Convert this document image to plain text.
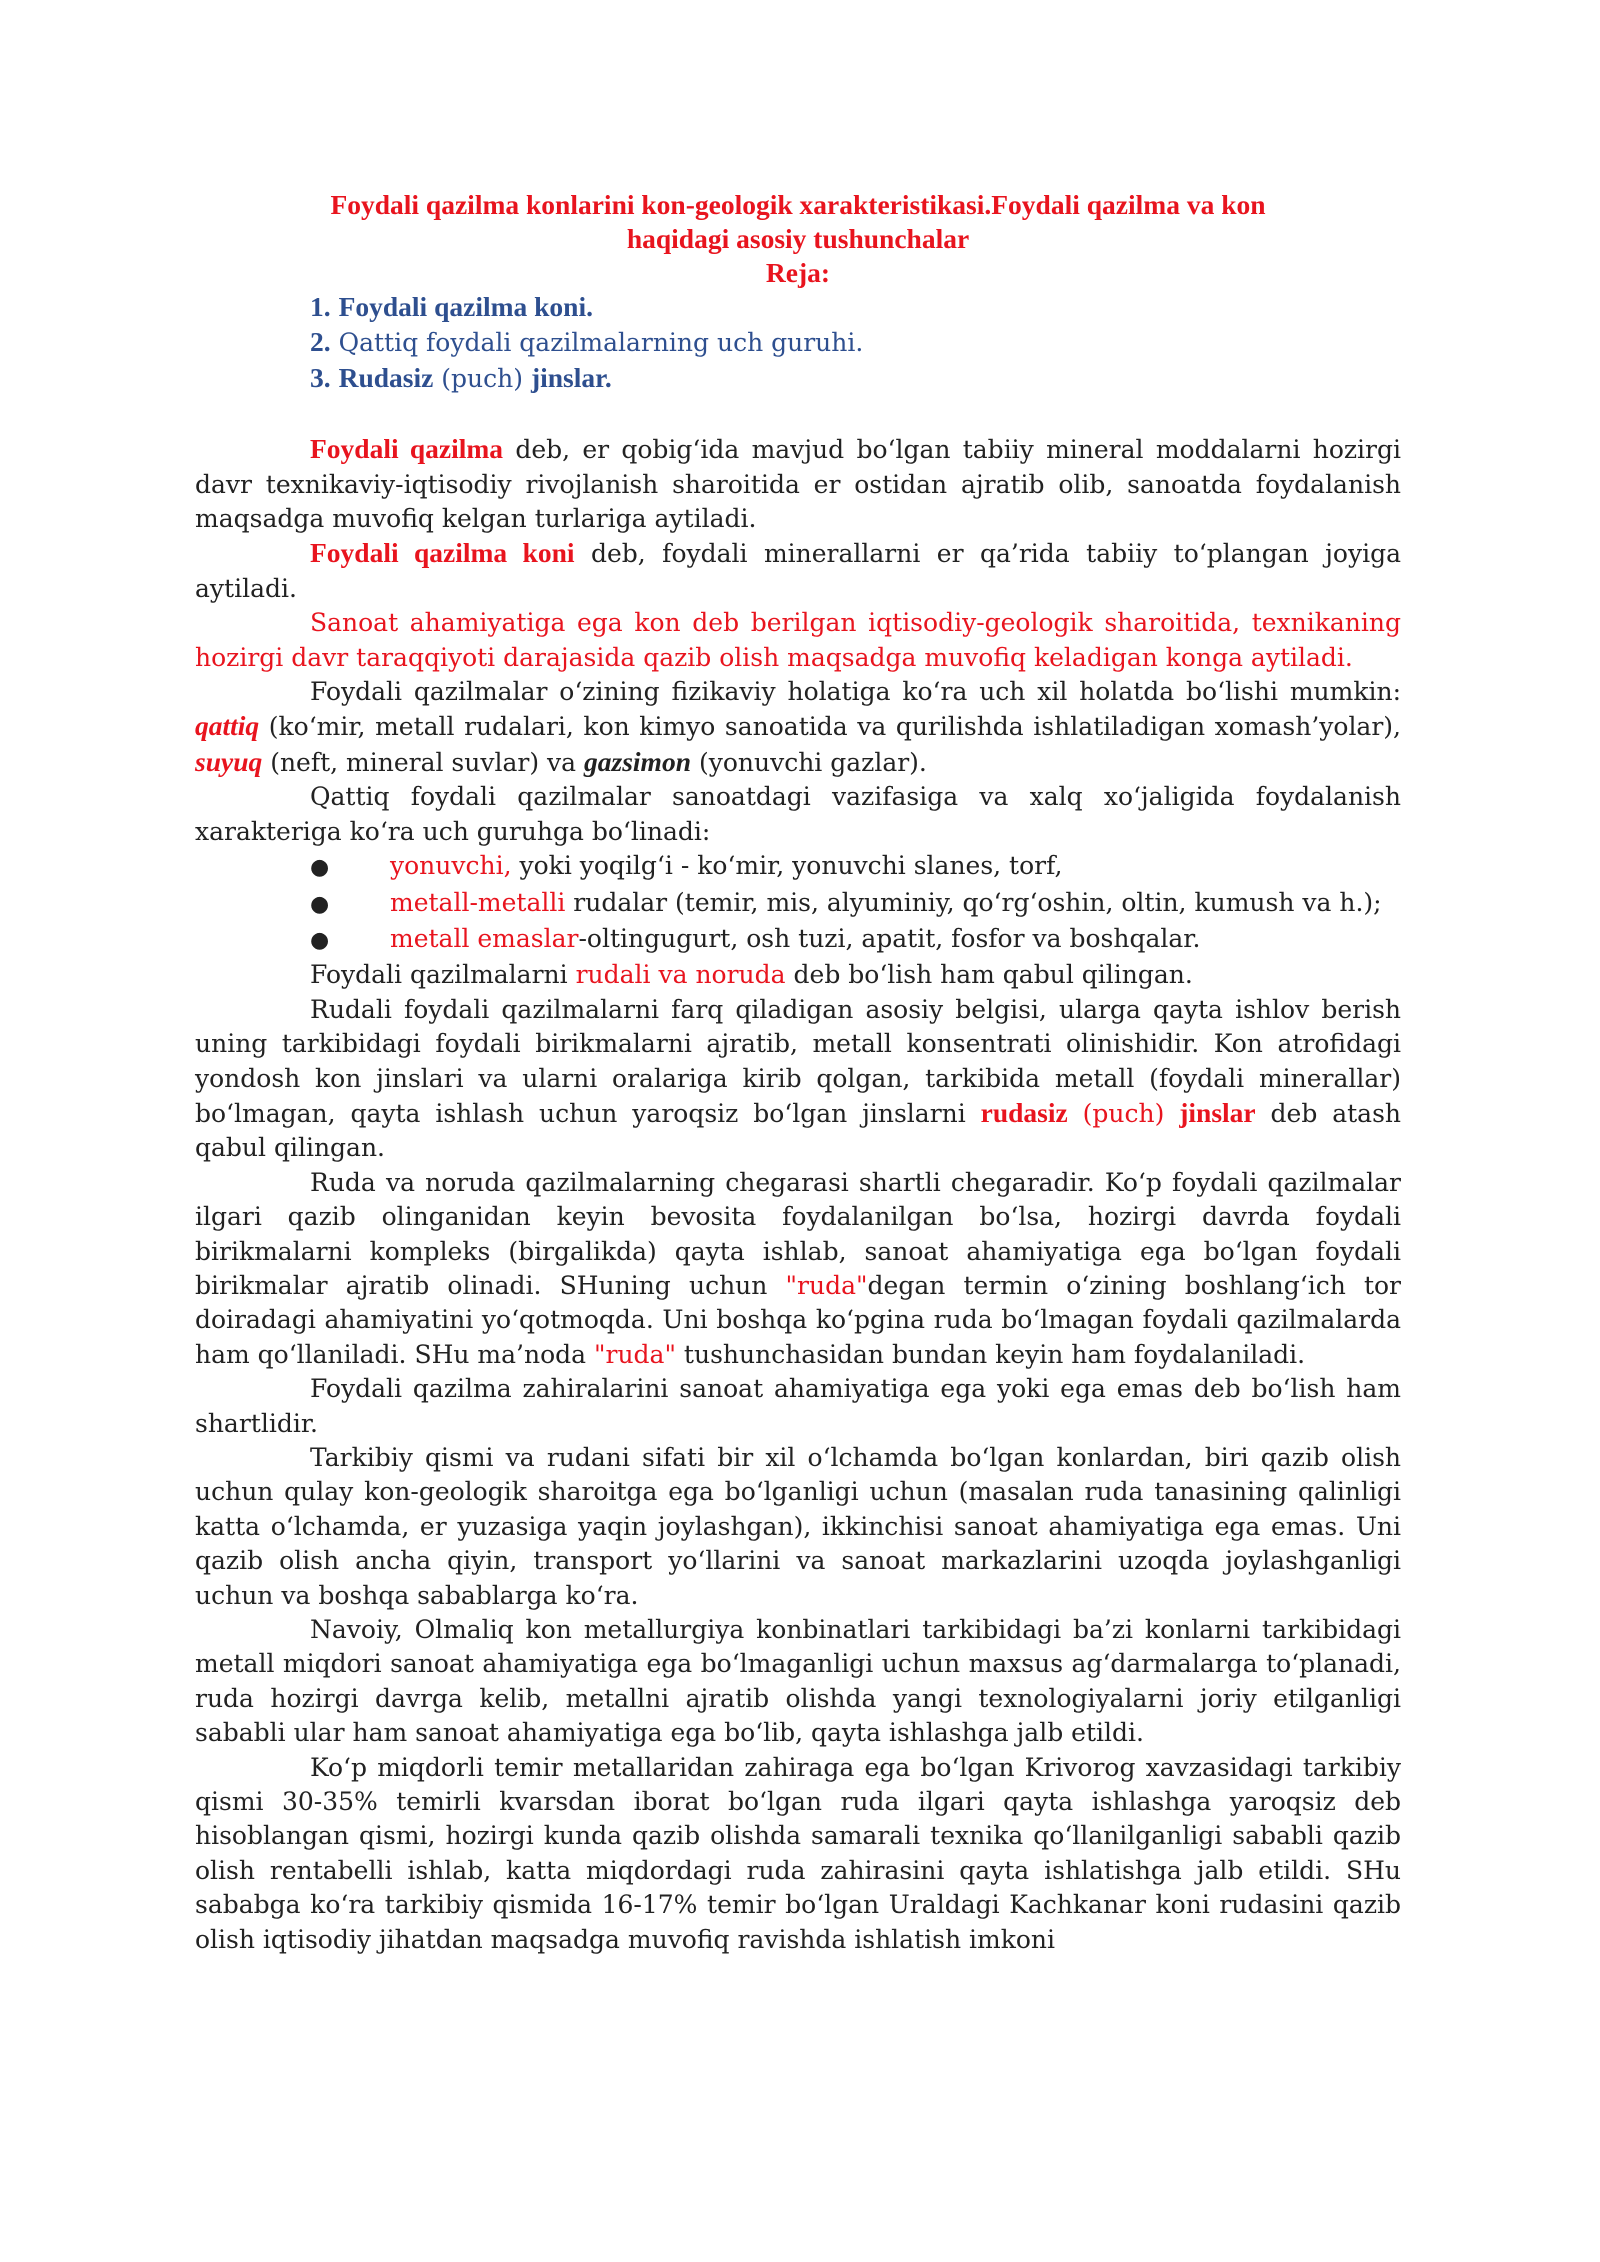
Foydali qazilma konlarini kon-geologik xarakteristikasi.Foydali qazilma va kon
haqidagi asosiy tushunchalar
Reja:
1. Foydali qazilma koni.
2. Qattiq foydali qazilmalarning uch guruhi.
3. Rudasiz (puch) jinslar.

Foydali qazilma deb, er qobig‘ida mavjud bo‘lgan tabiiy mineral moddalarni hozirgi davr texnikaviy-iqtisodiy rivojlanish sharoitida er ostidan ajratib olib, sanoatda foydalanish maqsadga muvofiq kelgan turlariga aytiladi.

Foydali qazilma koni deb, foydali minerallarni er qa’rida tabiiy to‘plangan joyiga aytiladi.

Sanoat ahamiyatiga ega kon deb berilgan iqtisodiy-geologik sharoitida, texnikaning hozirgi davr taraqqiyoti darajasida qazib olish maqsadga muvofiq keladigan konga aytiladi.

Foydali qazilmalar o‘zining fizikaviy holatiga ko‘ra uch xil holatda bo‘lishi mumkin: qattiq (ko‘mir, metall rudalari, kon kimyo sanoatida va qurilishda ishlatiladigan xomash’yolar), suyuq (neft, mineral suvlar) va gazsimon (yonuvchi gazlar).

Qattiq foydali qazilmalar sanoatdagi vazifasiga va xalq xo‘jaligida foydalanish xarakteriga ko‘ra uch guruhga bo‘linadi:

● yonuvchi, yoki yoqilg‘i - ko‘mir, yonuvchi slanes, torf,
● metall-metalli rudalar (temir, mis, alyuminiy, qo‘rg‘oshin, oltin, kumush va h.);
● metall emaslar-oltingugurt, osh tuzi, apatit, fosfor va boshqalar.

Foydali qazilmalarni rudali va noruda deb bo‘lish ham qabul qilingan.

Rudali foydali qazilmalarni farq qiladigan asosiy belgisi, ularga qayta ishlov berish uning tarkibidagi foydali birikmalarni ajratib, metall konsentrati olinishidir. Kon atrofidagi yondosh kon jinslari va ularni oralariga kirib qolgan, tarkibida metall (foydali minerallar) bo‘lmagan, qayta ishlash uchun yaroqsiz bo‘lgan jinslarni rudasiz (puch) jinslar deb atash qabul qilingan.

Ruda va noruda qazilmalarning chegarasi shartli chegaradir. Ko‘p foydali qazilmalar ilgari qazib olinganidan keyin bevosita foydalanilgan bo‘lsa, hozirgi davrda foydali birikmalarni kompleks (birgalikda) qayta ishlab, sanoat ahamiyatiga ega bo‘lgan foydali birikmalar ajratib olinadi. SHuning uchun "ruda"degan termin o‘zining boshlang‘ich tor doiradagi ahamiyatini yo‘qotmoqda. Uni boshqa ko‘pgina ruda bo‘lmagan foydali qazilmalarda ham qo‘llaniladi. SHu ma’noda "ruda" tushunchasidan bundan keyin ham foydalaniladi.

Foydali qazilma zahiralarini sanoat ahamiyatiga ega yoki ega emas deb bo‘lish ham shartlidir.

Tarkibiy qismi va rudani sifati bir xil o‘lchamda bo‘lgan konlardan, biri qazib olish uchun qulay kon-geologik sharoitga ega bo‘lganligi uchun (masalan ruda tanasining qalinligi katta o‘lchamda, er yuzasiga yaqin joylashgan), ikkinchisi sanoat ahamiyatiga ega emas. Uni qazib olish ancha qiyin, transport yo‘llarini va sanoat markazlarini uzoqda joylashganligi uchun va boshqa sabablarga ko‘ra.

Navoiy, Olmaliq kon metallurgiya konbinatlari tarkibidagi ba’zi konlarni tarkibidagi metall miqdori sanoat ahamiyatiga ega bo‘lmaganligi uchun maxsus ag‘darmalarga to‘planadi, ruda hozirgi davrga kelib, metallni ajratib olishda yangi texnologiyalarni joriy etilganligi sababli ular ham sanoat ahamiyatiga ega bo‘lib, qayta ishlashga jalb etildi.

Ko‘p miqdorli temir metallaridan zahiraga ega bo‘lgan Krivorog xavzasidagi tarkibiy qismi 30-35% temirli kvarsdan iborat bo‘lgan ruda ilgari qayta ishlashga yaroqsiz deb hisoblangan qismi, hozirgi kunda qazib olishda samarali texnika qo‘llanilganligi sababli qazib olish rentabelli ishlab, katta miqdordagi ruda zahirasini qayta ishlatishga jalb etildi. SHu sababga ko‘ra tarkibiy qismida 16-17% temir bo‘lgan Uraldagi Kachkanar koni rudasini qazib olish iqtisodiy jihatdan maqsadga muvofiq ravishda ishlatish imkoni
